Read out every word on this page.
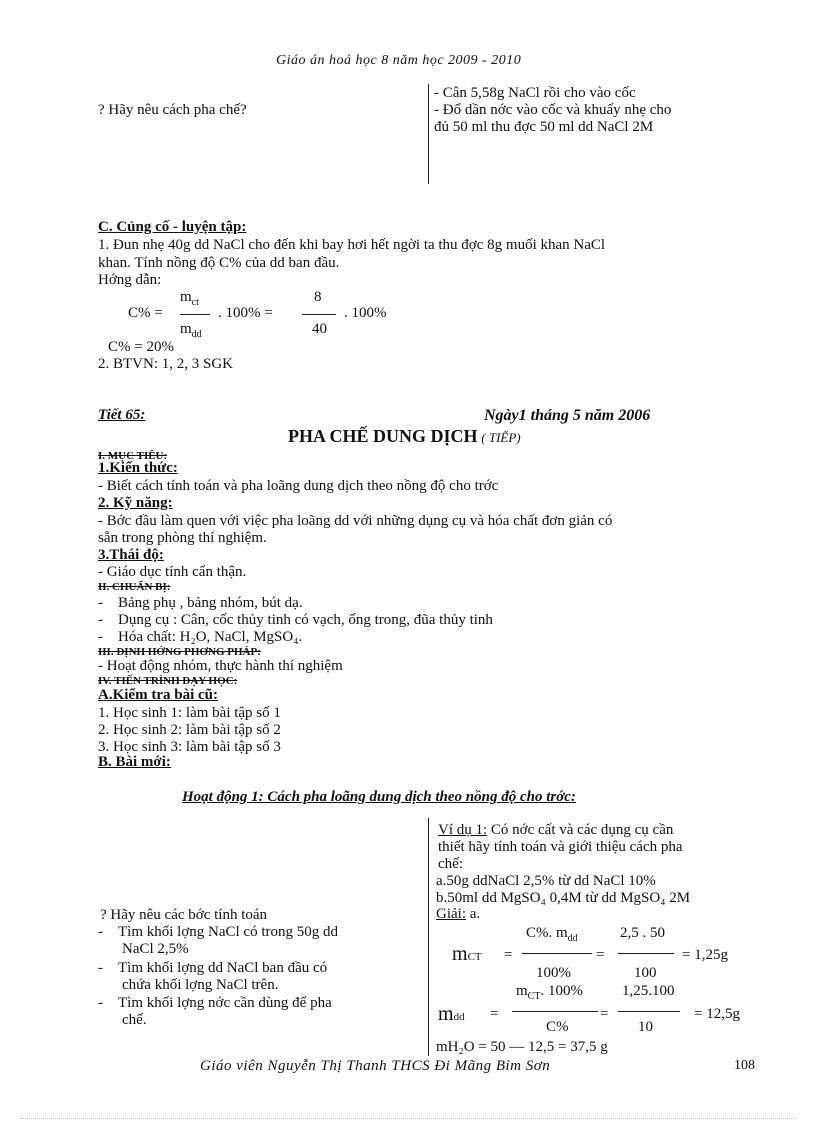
Giáo án hoá học 8 năm học 2009 - 2010
? Hãy nêu cách pha chế?
- Cân 5,58g NaCl rồi cho vào cốc
- Đổ dần nớc vào cốc và khuấy nhẹ cho
đủ 50 ml thu đợc 50 ml dd NaCl 2M
C. Củng cố - luyện tập:
1. Đun nhẹ 40g dd NaCl cho đến khi bay hơi hết ngời ta thu đợc 8g muối khan NaCl
khan. Tính nồng độ C% của dd ban đầu.
Hớng dẫn:
C% =
$m_{ct}$
$m_{dd}$
. 100% =
8
40
. 100%
C% = 20%
2. BTVN: 1, 2, 3 SGK
Tiết 65:	Ngày1 tháng 5 năm 2006
PHA CHẾ DUNG DỊCH ( TIẾP)
I. MỤC TIÊU:
1.Kiến thức:
- Biết cách tính toán và pha loãng dung dịch theo nồng độ cho trớc
2. Kỹ năng:
- Bớc đầu làm quen với việc pha loãng dd với những dụng cụ và hóa chất đơn giản có
sẵn trong phòng thí nghiệm.
3.Thái độ:
- Giáo dục tính cẩn thận.
II. CHUẨN BỊ:
-    Bảng phụ , bảng nhóm, bút dạ.
-    Dụng cụ : Cân, cốc thủy tinh có vạch, ống trong, đũa thủy tinh
-    Hóa chất: H₂O, NaCl, MgSO₄.
III. ĐỊNH HỚNG PHƠNG PHÁP:
- Hoạt động nhóm, thực hành thí nghiệm
IV. TIẾN TRÌNH DẠY HỌC:
A.Kiểm tra bài cũ:
1. Học sinh 1: làm bài tập số 1
2. Học sinh 2: làm bài tập số 2
3. Học sinh 3: làm bài tập số 3
B. Bài mới:
Hoạt động 1: Cách pha loãng dung dịch theo nồng độ cho trớc:
? Hãy nêu các bớc tính toán
-    Tìm khối lợng NaCl có trong 50g dd
NaCl 2,5%
-    Tìm khối lợng dd NaCl ban đầu có
chứa khối lợng NaCl trên.
-    Tìm khối lợng nớc cần dùng để pha
chế.
Ví dụ 1: Có nớc cất và các dụng cụ cần
thiết hãy tính toán và giới thiệu cách pha
chế:
a.50g ddNaCl 2,5% từ dd NaCl 10%
b.50ml dd MgSO₄ 0,4M từ dd MgSO₄ 2M
Giải: a.
mCT =
C%. $m_{dd}$
100%
=
2,5 . 50
100
= 1,25g
mdd =
$m_{CT}$. 100%
C%
=
1,25.100
10
= 12,5g
mH₂O = 50 — 12,5 = 37,5 g
Giáo viên Nguyễn Thị Thanh THCS Đi Mãng Bỉm Sơn	108
